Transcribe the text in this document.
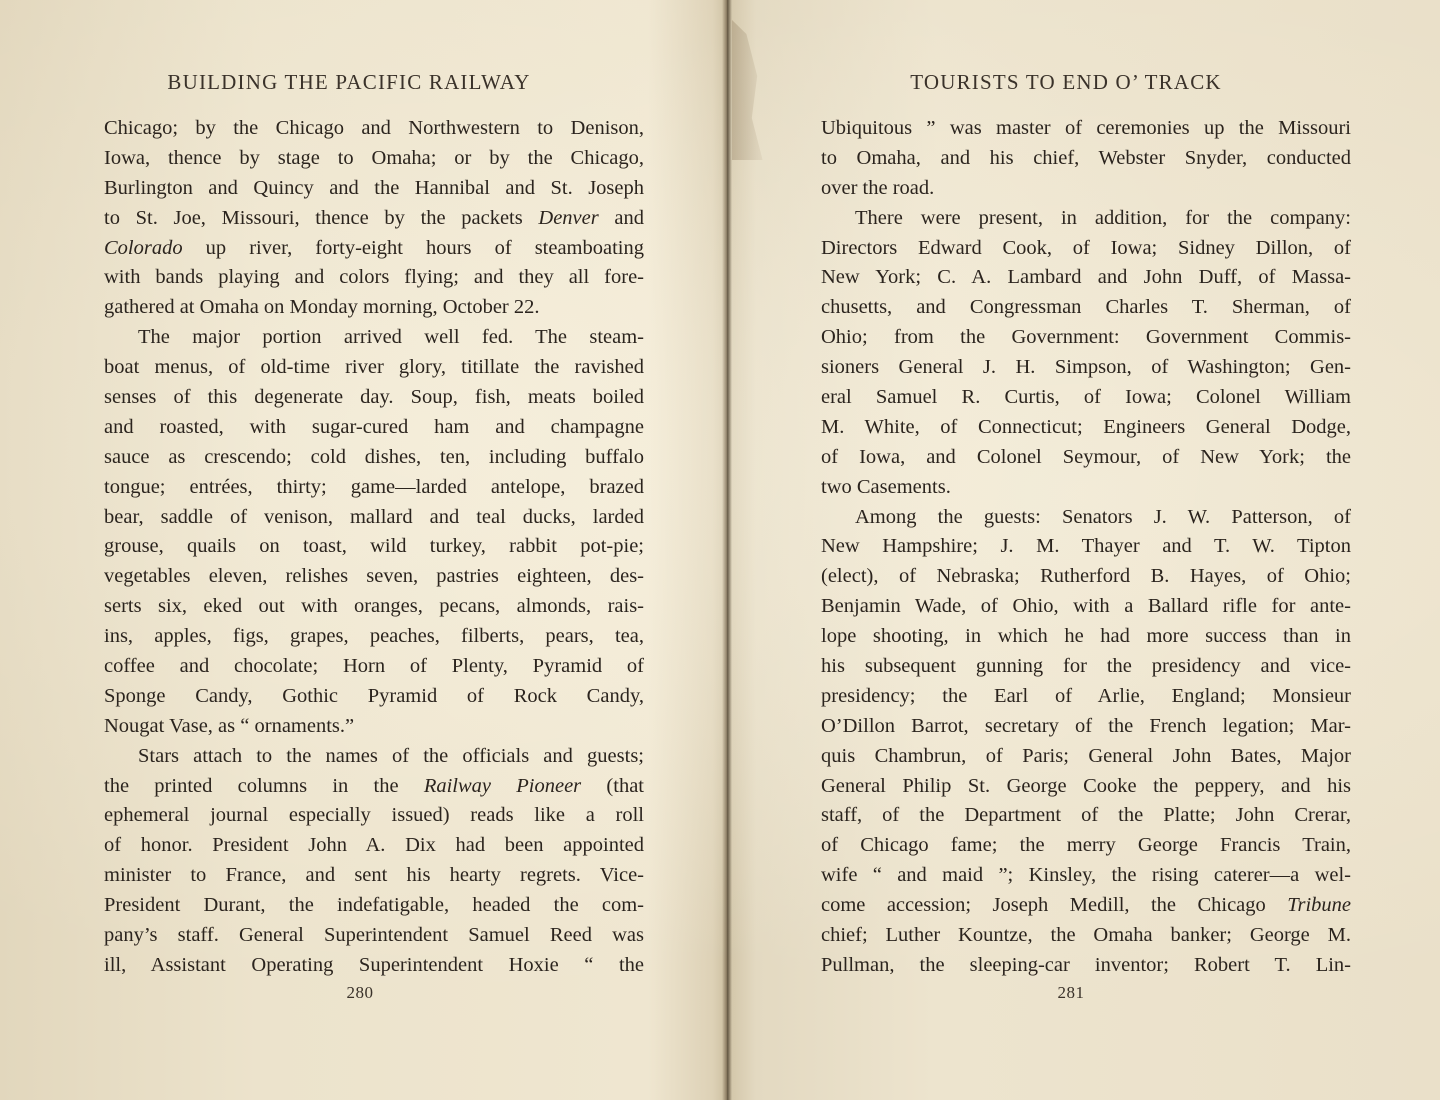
BUILDING THE PACIFIC RAILWAY
Chicago; by the Chicago and Northwestern to Denison,
Iowa, thence by stage to Omaha; or by the Chicago,
Burlington and Quincy and the Hannibal and St. Joseph
to St. Joe, Missouri, thence by the packets Denver and
Colorado up river, forty-eight hours of steamboating
with bands playing and colors flying; and they all fore-
gathered at Omaha on Monday morning, October 22.
The major portion arrived well fed. The steam-
boat menus, of old-time river glory, titillate the ravished
senses of this degenerate day. Soup, fish, meats boiled
and roasted, with sugar-cured ham and champagne
sauce as crescendo; cold dishes, ten, including buffalo
tongue; entrées, thirty; game—larded antelope, brazed
bear, saddle of venison, mallard and teal ducks, larded
grouse, quails on toast, wild turkey, rabbit pot-pie;
vegetables eleven, relishes seven, pastries eighteen, des-
serts six, eked out with oranges, pecans, almonds, rais-
ins, apples, figs, grapes, peaches, filberts, pears, tea,
coffee and chocolate; Horn of Plenty, Pyramid of
Sponge Candy, Gothic Pyramid of Rock Candy,
Nougat Vase, as “ ornaments.”
Stars attach to the names of the officials and guests;
the printed columns in the Railway Pioneer (that
ephemeral journal especially issued) reads like a roll
of honor. President John A. Dix had been appointed
minister to France, and sent his hearty regrets. Vice-
President Durant, the indefatigable, headed the com-
pany’s staff. General Superintendent Samuel Reed was
ill, Assistant Operating Superintendent Hoxie “ the
280
TOURISTS TO END O’ TRACK
Ubiquitous ” was master of ceremonies up the Missouri
to Omaha, and his chief, Webster Snyder, conducted
over the road.
There were present, in addition, for the company:
Directors Edward Cook, of Iowa; Sidney Dillon, of
New York; C. A. Lambard and John Duff, of Massa-
chusetts, and Congressman Charles T. Sherman, of
Ohio; from the Government: Government Commis-
sioners General J. H. Simpson, of Washington; Gen-
eral Samuel R. Curtis, of Iowa; Colonel William
M. White, of Connecticut; Engineers General Dodge,
of Iowa, and Colonel Seymour, of New York; the
two Casements.
Among the guests: Senators J. W. Patterson, of
New Hampshire; J. M. Thayer and T. W. Tipton
(elect), of Nebraska; Rutherford B. Hayes, of Ohio;
Benjamin Wade, of Ohio, with a Ballard rifle for ante-
lope shooting, in which he had more success than in
his subsequent gunning for the presidency and vice-
presidency; the Earl of Arlie, England; Monsieur
O’Dillon Barrot, secretary of the French legation; Mar-
quis Chambrun, of Paris; General John Bates, Major
General Philip St. George Cooke the peppery, and his
staff, of the Department of the Platte; John Crerar,
of Chicago fame; the merry George Francis Train,
wife “ and maid ”; Kinsley, the rising caterer—a wel-
come accession; Joseph Medill, the Chicago Tribune
chief; Luther Kountze, the Omaha banker; George M.
Pullman, the sleeping-car inventor; Robert T. Lin-
281
